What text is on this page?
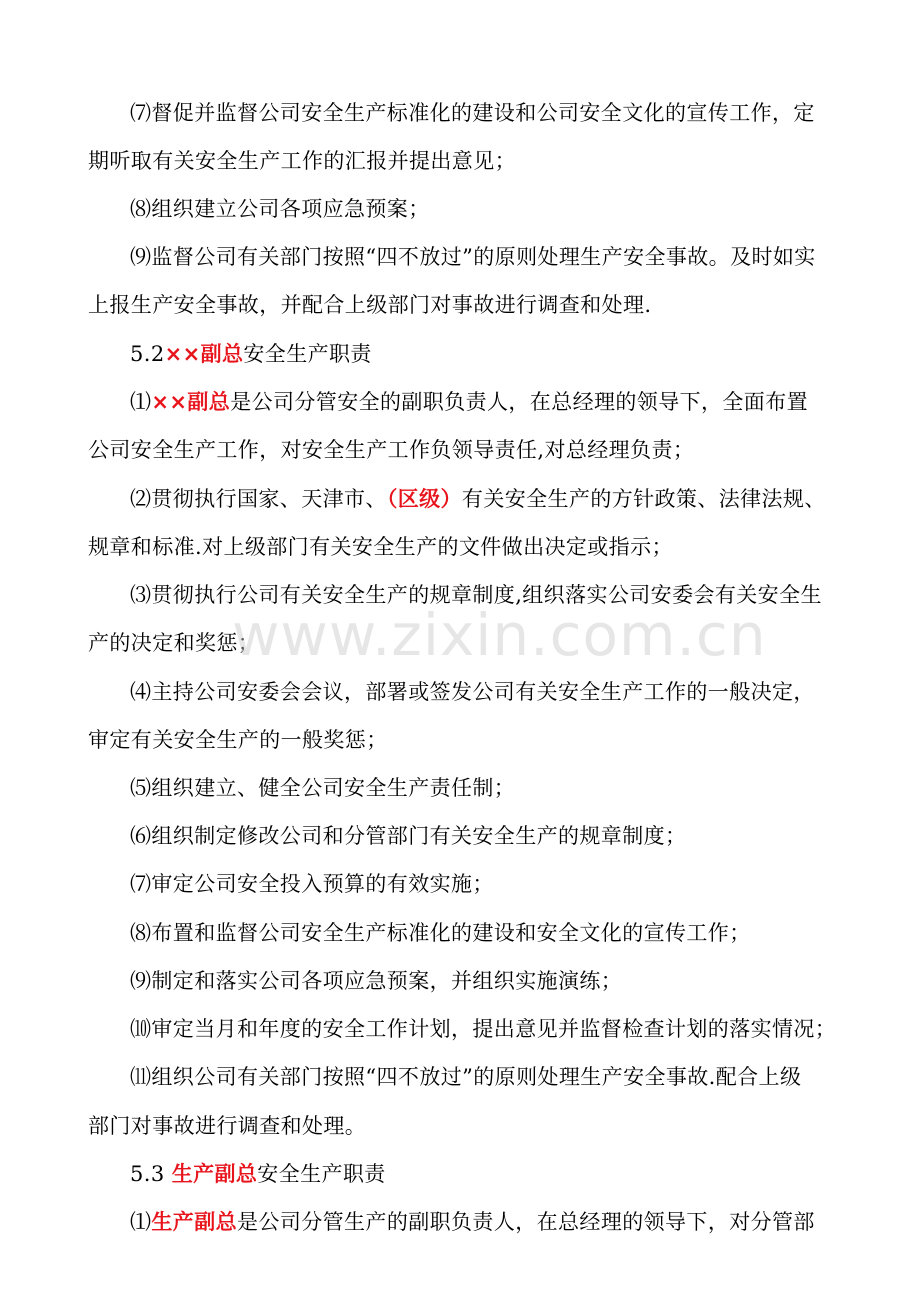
⑺督促并监督公司安全生产标准化的建设和公司安全文化的宣传工作，定
期听取有关安全生产工作的汇报并提出意见；
⑻组织建立公司各项应急预案；
⑼监督公司有关部门按照“四不放过”的原则处理生产安全事故。及时如实
上报生产安全事故，并配合上级部门对事故进行调查和处理.
5.2××副总安全生产职责
⑴××副总是公司分管安全的副职负责人，在总经理的领导下，全面布置
公司安全生产工作，对安全生产工作负领导责任,对总经理负责；
⑵贯彻执行国家、天津市、（区级）有关安全生产的方针政策、法律法规、
规章和标准.对上级部门有关安全生产的文件做出决定或指示；
⑶贯彻执行公司有关安全生产的规章制度,组织落实公司安委会有关安全生
产的决定和奖惩；
⑷主持公司安委会会议，部署或签发公司有关安全生产工作的一般决定，
审定有关安全生产的一般奖惩；
⑸组织建立、健全公司安全生产责任制；
⑹组织制定修改公司和分管部门有关安全生产的规章制度；
⑺审定公司安全投入预算的有效实施；
⑻布置和监督公司安全生产标准化的建设和安全文化的宣传工作；
⑼制定和落实公司各项应急预案，并组织实施演练；
⑽审定当月和年度的安全工作计划，提出意见并监督检查计划的落实情况；
⑾组织公司有关部门按照“四不放过”的原则处理生产安全事故.配合上级
部门对事故进行调查和处理。
5.3 生产副总安全生产职责
⑴生产副总是公司分管生产的副职负责人，在总经理的领导下，对分管部
www.zixin.com.cn
